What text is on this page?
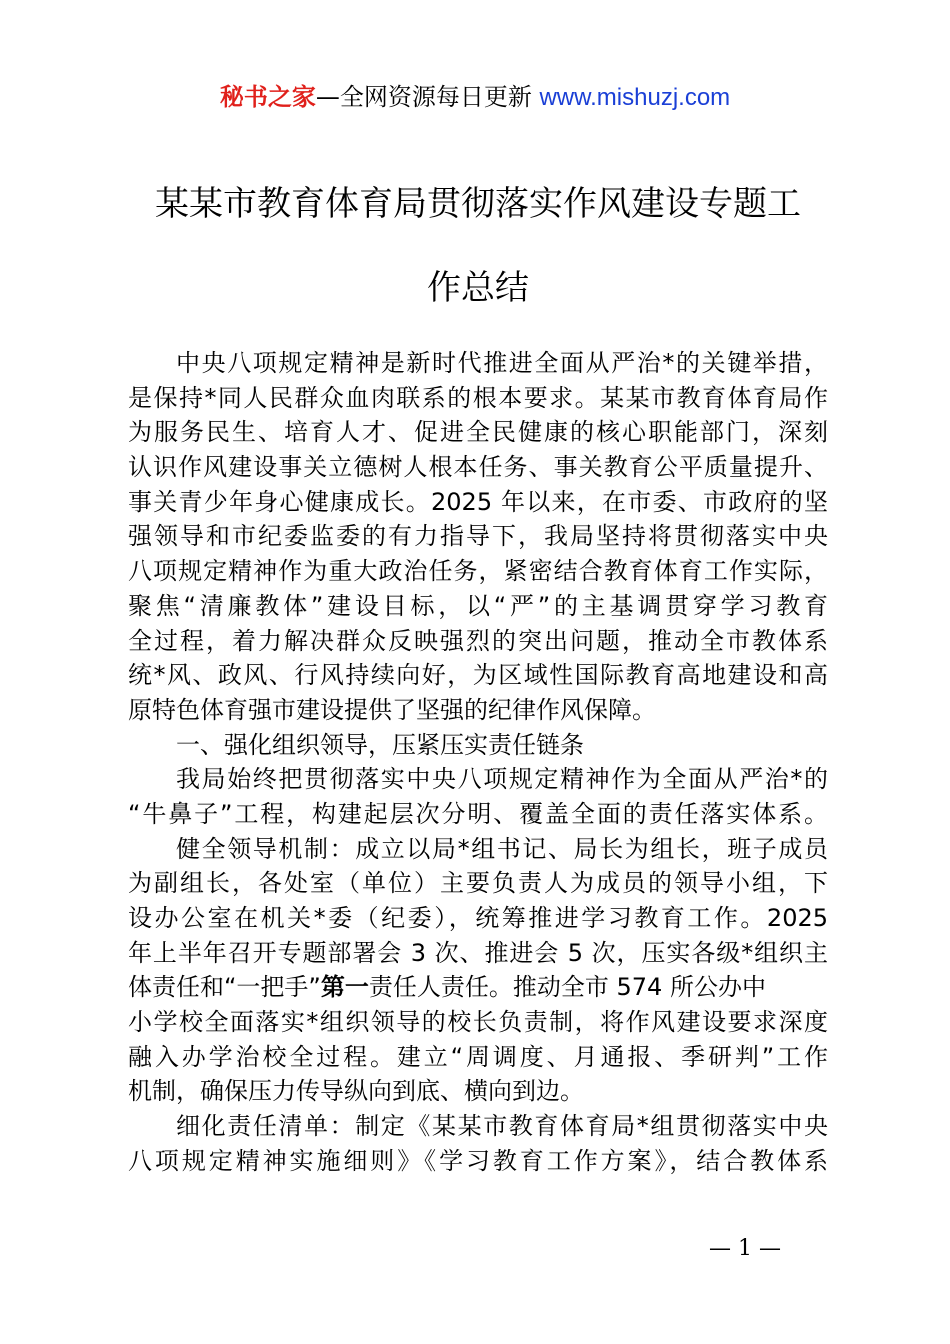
秘书之家—全网资源每日更新 www.mishuzj.com
某某市教育体育局贯彻落实作风建设专题工
作总结
中央八项规定精神是新时代推进全面从严治*的关键举措，
是保持*同人民群众血肉联系的根本要求。某某市教育体育局作
为服务民生、培育人才、促进全民健康的核心职能部门，深刻
认识作风建设事关立德树人根本任务、事关教育公平质量提升、
事关青少年身心健康成长。2025 年以来，在市委、市政府的坚
强领导和市纪委监委的有力指导下，我局坚持将贯彻落实中央
八项规定精神作为重大政治任务，紧密结合教育体育工作实际，
聚焦“清廉教体”建设目标，以“严”的主基调贯穿学习教育
全过程，着力解决群众反映强烈的突出问题，推动全市教体系
统*风、政风、行风持续向好，为区域性国际教育高地建设和高
原特色体育强市建设提供了坚强的纪律作风保障。
一、强化组织领导，压紧压实责任链条
我局始终把贯彻落实中央八项规定精神作为全面从严治*的
“牛鼻子”工程，构建起层次分明、覆盖全面的责任落实体系。
健全领导机制：成立以局*组书记、局长为组长，班子成员
为副组长，各处室（单位）主要负责人为成员的领导小组，下
设办公室在机关*委（纪委），统筹推进学习教育工作。2025
年上半年召开专题部署会 3 次、推进会 5 次，压实各级*组织主
体责任和“一把手”第一责任人责任。推动全市 574 所公办中
小学校全面落实*组织领导的校长负责制，将作风建设要求深度
融入办学治校全过程。建立“周调度、月通报、季研判”工作
机制，确保压力传导纵向到底、横向到边。
细化责任清单：制定《某某市教育体育局*组贯彻落实中央
八项规定精神实施细则》《学习教育工作方案》，结合教体系
— 1 —
